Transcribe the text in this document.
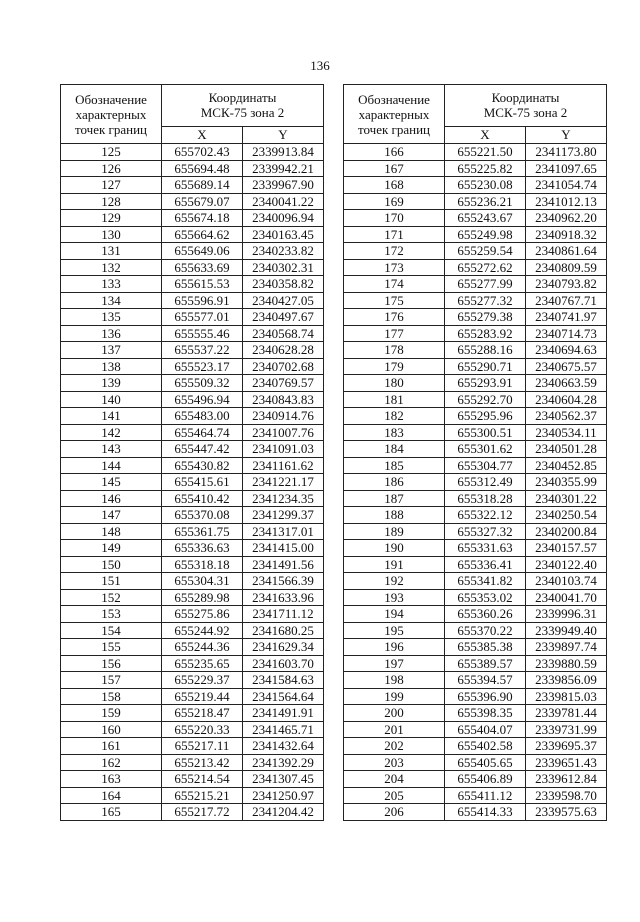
136
Обозначение
характерных
точек границ	Координаты
МСК-75 зона 2	

	X	Y
125	655702.43	2339913.84
126	655694.48	2339942.21
127	655689.14	2339967.90
128	655679.07	2340041.22
129	655674.18	2340096.94
130	655664.62	2340163.45
131	655649.06	2340233.82
132	655633.69	2340302.31
133	655615.53	2340358.82
134	655596.91	2340427.05
135	655577.01	2340497.67
136	655555.46	2340568.74
137	655537.22	2340628.28
138	655523.17	2340702.68
139	655509.32	2340769.57
140	655496.94	2340843.83
141	655483.00	2340914.76
142	655464.74	2341007.76
143	655447.42	2341091.03
144	655430.82	2341161.62
145	655415.61	2341221.17
146	655410.42	2341234.35
147	655370.08	2341299.37
148	655361.75	2341317.01
149	655336.63	2341415.00
150	655318.18	2341491.56
151	655304.31	2341566.39
152	655289.98	2341633.96
153	655275.86	2341711.12
154	655244.92	2341680.25
155	655244.36	2341629.34
156	655235.65	2341603.70
157	655229.37	2341584.63
158	655219.44	2341564.64
159	655218.47	2341491.91
160	655220.33	2341465.71
161	655217.11	2341432.64
162	655213.42	2341392.29
163	655214.54	2341307.45
164	655215.21	2341250.97
165	655217.72	2341204.42
Обозначение
характерных
точек границ	Координаты
МСК-75 зона 2	

	X	Y
166	655221.50	2341173.80
167	655225.82	2341097.65
168	655230.08	2341054.74
169	655236.21	2341012.13
170	655243.67	2340962.20
171	655249.98	2340918.32
172	655259.54	2340861.64
173	655272.62	2340809.59
174	655277.99	2340793.82
175	655277.32	2340767.71
176	655279.38	2340741.97
177	655283.92	2340714.73
178	655288.16	2340694.63
179	655290.71	2340675.57
180	655293.91	2340663.59
181	655292.70	2340604.28
182	655295.96	2340562.37
183	655300.51	2340534.11
184	655301.62	2340501.28
185	655304.77	2340452.85
186	655312.49	2340355.99
187	655318.28	2340301.22
188	655322.12	2340250.54
189	655327.32	2340200.84
190	655331.63	2340157.57
191	655336.41	2340122.40
192	655341.82	2340103.74
193	655353.02	2340041.70
194	655360.26	2339996.31
195	655370.22	2339949.40
196	655385.38	2339897.74
197	655389.57	2339880.59
198	655394.57	2339856.09
199	655396.90	2339815.03
200	655398.35	2339781.44
201	655404.07	2339731.99
202	655402.58	2339695.37
203	655405.65	2339651.43
204	655406.89	2339612.84
205	655411.12	2339598.70
206	655414.33	2339575.63
